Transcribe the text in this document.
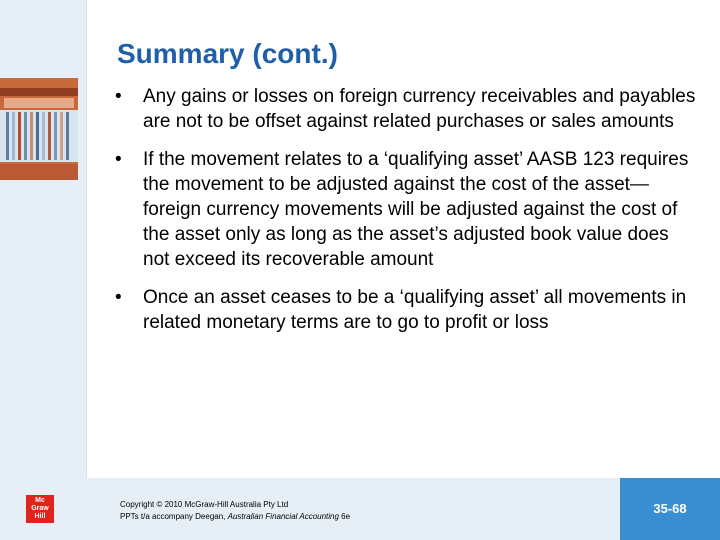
Summary (cont.)
• Any gains or losses on foreign currency receivables and payables are not to be offset against related purchases or sales amounts
• If the movement relates to a ‘qualifying asset’ AASB 123 requires the movement to be adjusted against the cost of the asset—foreign currency movements will be adjusted against the cost of the asset only as long as the asset’s adjusted book value does not exceed its recoverable amount
• Once an asset ceases to be a ‘qualifying asset’ all movements in related monetary terms are to go to profit or loss
Mc
Graw
Hill
Copyright © 2010 McGraw-Hill Australia Pty Ltd
PPTs t/a accompany Deegan, Australian Financial Accounting 6e
35-68
